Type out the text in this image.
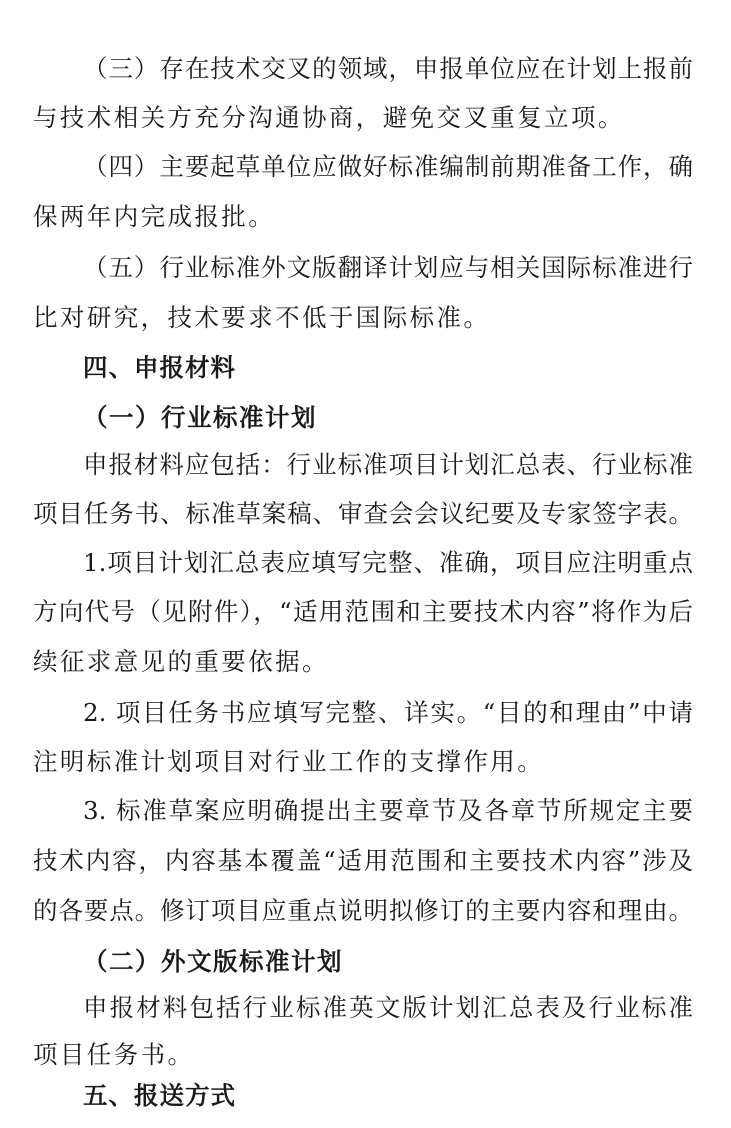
（三）存在技术交叉的领域，申报单位应在计划上报前
与技术相关方充分沟通协商，避免交叉重复立项。
（四）主要起草单位应做好标准编制前期准备工作，确
保两年内完成报批。
（五）行业标准外文版翻译计划应与相关国际标准进行
比对研究，技术要求不低于国际标准。
四、申报材料
（一）行业标准计划
申报材料应包括：行业标准项目计划汇总表、行业标准
项目任务书、标准草案稿、审查会会议纪要及专家签字表。
1.项目计划汇总表应填写完整、准确，项目应注明重点
方向代号（见附件），“适用范围和主要技术内容”将作为后
续征求意见的重要依据。
2. 项目任务书应填写完整、详实。“目的和理由”中请
注明标准计划项目对行业工作的支撑作用。
3. 标准草案应明确提出主要章节及各章节所规定主要
技术内容，内容基本覆盖“适用范围和主要技术内容”涉及
的各要点。修订项目应重点说明拟修订的主要内容和理由。
（二）外文版标准计划
申报材料包括行业标准英文版计划汇总表及行业标准
项目任务书。
五、报送方式
